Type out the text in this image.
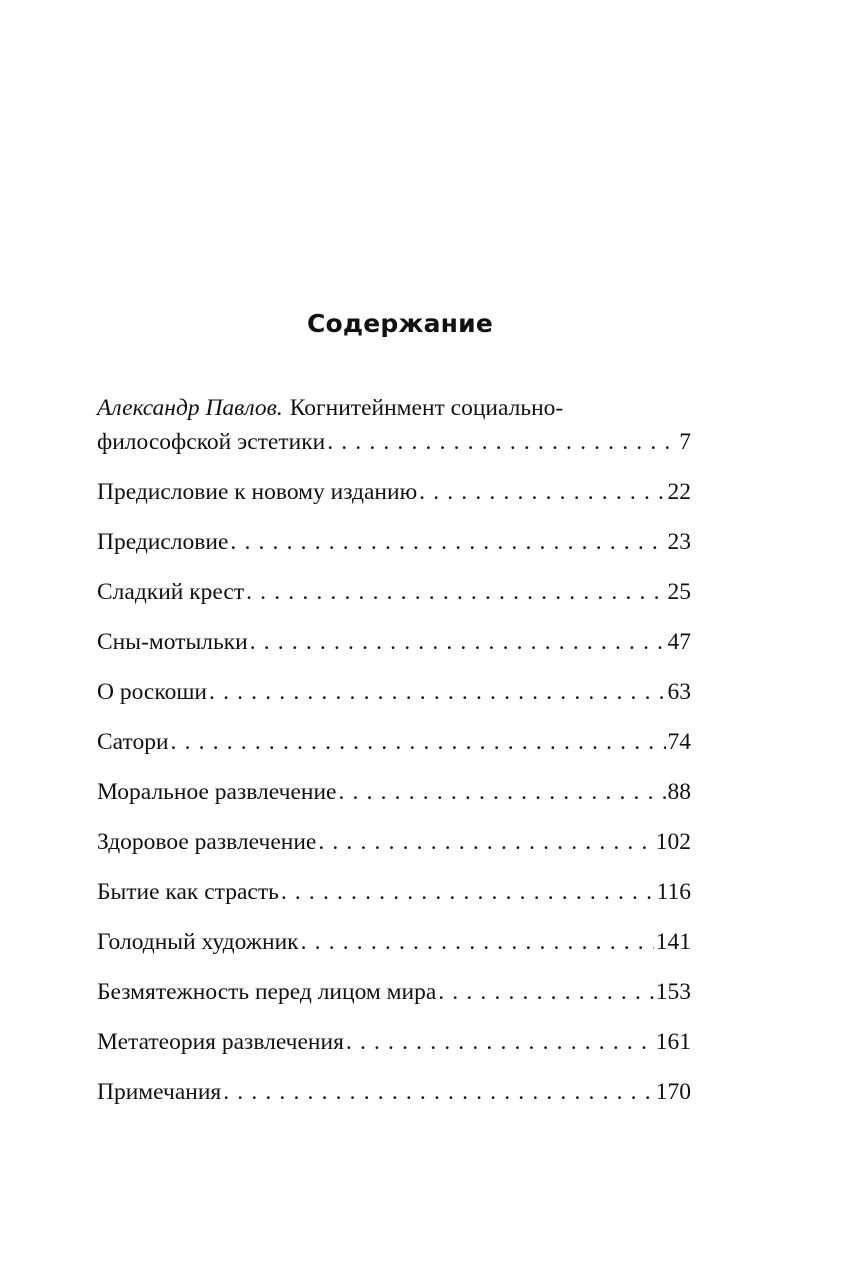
Содержание
Александр Павлов. Когнитейнмент социально-
философской эстетики . . .	7
Предисловие к новому изданию . . .	22
Предисловие . . .	23
Сладкий крест . . .	25
Сны-мотыльки . . .	47
О роскоши . . .	63
Сатори . . .	74
Моральное развлечение . . .	88
Здоровое развлечение . . .	102
Бытие как страсть . . .	116
Голодный художник . . .	141
Безмятежность перед лицом мира . . .	153
Метатеория развлечения . . .	161
Примечания . . .	170
